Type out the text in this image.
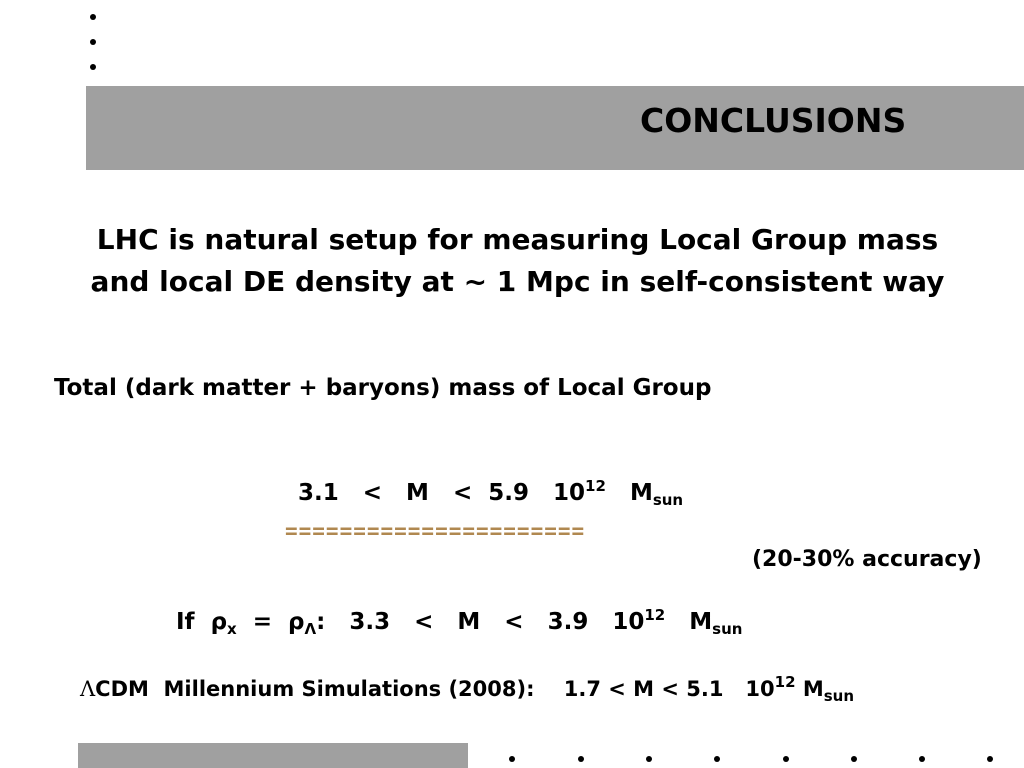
CONCLUSIONS
LHC is natural setup for measuring Local Group mass
and local DE density at ~ 1 Mpc in self-consistent way
Total (dark matter + baryons) mass of Local Group
3.1   <   M   <  5.9   $10^{12}$ $M_{sun}$
======================
(20-30% accuracy)
If  $\rho_x = \rho_\Lambda$:   3.3   <   M   <   3.9   $10^{12}$ $M_{sun}$
ΛCDM  Millennium Simulations (2008):    1.7 < M < 5.1   $10^{12}$ $M_{sun}$
